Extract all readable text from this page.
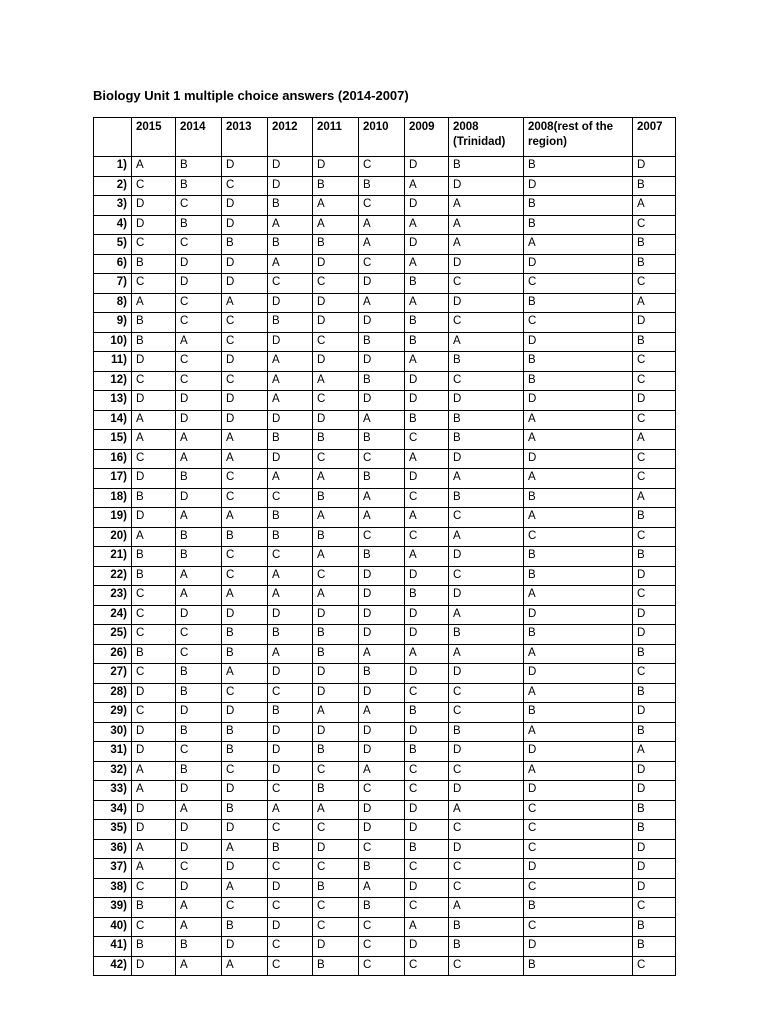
Biology Unit 1 multiple choice answers (2014-2007)
	2015	2014	2013	2012	2011	2010	2009	2008 (Trinidad)	2008(rest of the region)	2007
1)	A	B	D	D	D	C	D	B	B	D
2)	C	B	C	D	B	B	A	D	D	B
3)	D	C	D	B	A	C	D	A	B	A
4)	D	B	D	A	A	A	A	A	B	C
5)	C	C	B	B	B	A	D	A	A	B
6)	B	D	D	A	D	C	A	D	D	B
7)	C	D	D	C	C	D	B	C	C	C
8)	A	C	A	D	D	A	A	D	B	A
9)	B	C	C	B	D	D	B	C	C	D
10)	B	A	C	D	C	B	B	A	D	B
11)	D	C	D	A	D	D	A	B	B	C
12)	C	C	C	A	A	B	D	C	B	C
13)	D	D	D	A	C	D	D	D	D	D
14)	A	D	D	D	D	A	B	B	A	C
15)	A	A	A	B	B	B	C	B	A	A
16)	C	A	A	D	C	C	A	D	D	C
17)	D	B	C	A	A	B	D	A	A	C
18)	B	D	C	C	B	A	C	B	B	A
19)	D	A	A	B	A	A	A	C	A	B
20)	A	B	B	B	B	C	C	A	C	C
21)	B	B	C	C	A	B	A	D	B	B
22)	B	A	C	A	C	D	D	C	B	D
23)	C	A	A	A	A	D	B	D	A	C
24)	C	D	D	D	D	D	D	A	D	D
25)	C	C	B	B	B	D	D	B	B	D
26)	B	C	B	A	B	A	A	A	A	B
27)	C	B	A	D	D	B	D	D	D	C
28)	D	B	C	C	D	D	C	C	A	B
29)	C	D	D	B	A	A	B	C	B	D
30)	D	B	B	D	D	D	D	B	A	B
31)	D	C	B	D	B	D	B	D	D	A
32)	A	B	C	D	C	A	C	C	A	D
33)	A	D	D	C	B	C	C	D	D	D
34)	D	A	B	A	A	D	D	A	C	B
35)	D	D	D	C	C	D	D	C	C	B
36)	A	D	A	B	D	C	B	D	C	D
37)	A	C	D	C	C	B	C	C	D	D
38)	C	D	A	D	B	A	D	C	C	D
39)	B	A	C	C	C	B	C	A	B	C
40)	C	A	B	D	C	C	A	B	C	B
41)	B	B	D	C	D	C	D	B	D	B
42)	D	A	A	C	B	C	C	C	B	C
